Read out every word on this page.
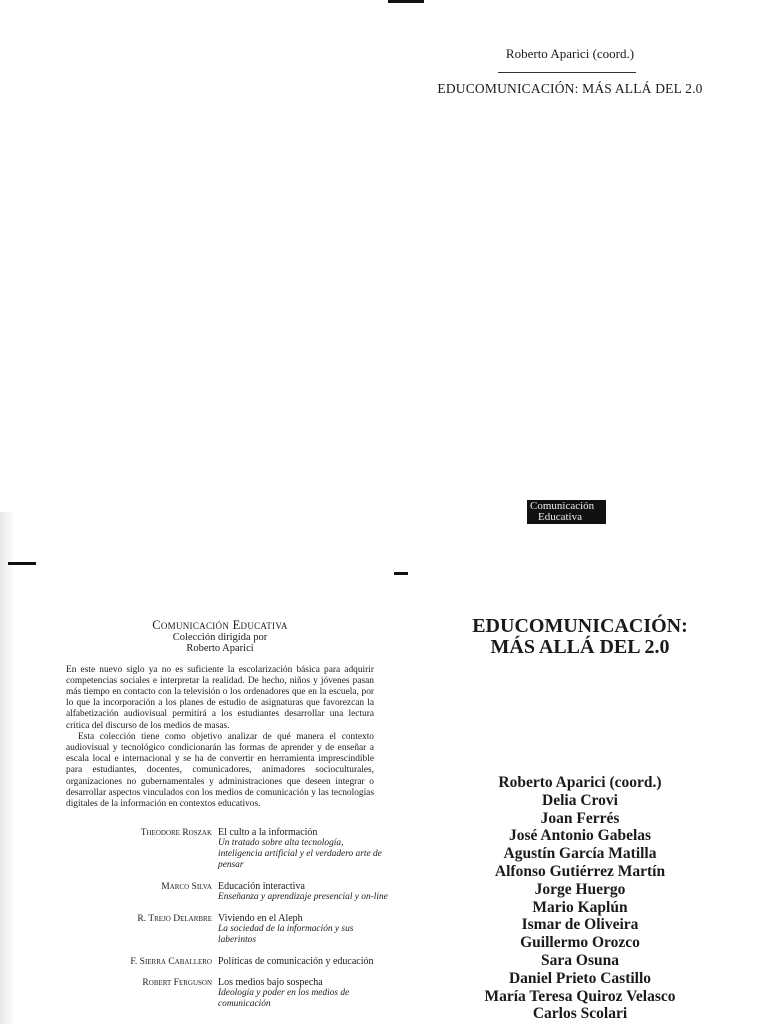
Roberto Aparici (coord.)
EDUCOMUNICACIÓN: MÁS ALLÁ DEL 2.0
Comunicación
Educativa
Comunicación Educativa
Colección dirigida por
Roberto Aparici

En este nuevo siglo ya no es suficiente la escolarización básica para adquirir competencias sociales e interpretar la realidad. De hecho, niños y jóvenes pasan más tiempo en contacto con la televisión o los ordenadores que en la escuela, por lo que la incorporación a los planes de estudio de asignaturas que favorezcan la alfabetización audiovisual permitirá a los estudiantes desarrollar una lectura crítica del discurso de los medios de masas.

Esta colección tiene como objetivo analizar de qué manera el contexto audiovisual y tecnológico condicionarán las formas de aprender y de enseñar a escala local e internacional y se ha de convertir en herramienta imprescindible para estudiantes, docentes, comunicadores, animadores socioculturales, organizaciones no gubernamentales y administraciones que deseen integrar o desarrollar aspectos vinculados con los medios de comunicación y las tecnologías digitales de la información en contextos educativos.

Theodore Roszak El culto a la información
Un tratado sobre alta tecnología, inteligencia artificial y el verdadero arte de pensar
Marco Silva Educación interactiva
Enseñanza y aprendizaje presencial y on-line
R. Trejo Delarbre Viviendo en el Aleph
La sociedad de la información y sus laberintos
F. Sierra Caballero Políticas de comunicación y educación
Robert Ferguson Los medios bajo sospecha
Ideología y poder en los medios de comunicación
EDUCOMUNICACIÓN:
MÁS ALLÁ DEL 2.0
Roberto Aparici (coord.)
Delia Crovi
Joan Ferrés
José Antonio Gabelas
Agustín García Matilla
Alfonso Gutiérrez Martín
Jorge Huergo
Mario Kaplún
Ismar de Oliveira
Guillermo Orozco
Sara Osuna
Daniel Prieto Castillo
María Teresa Quiroz Velasco
Carlos Scolari
